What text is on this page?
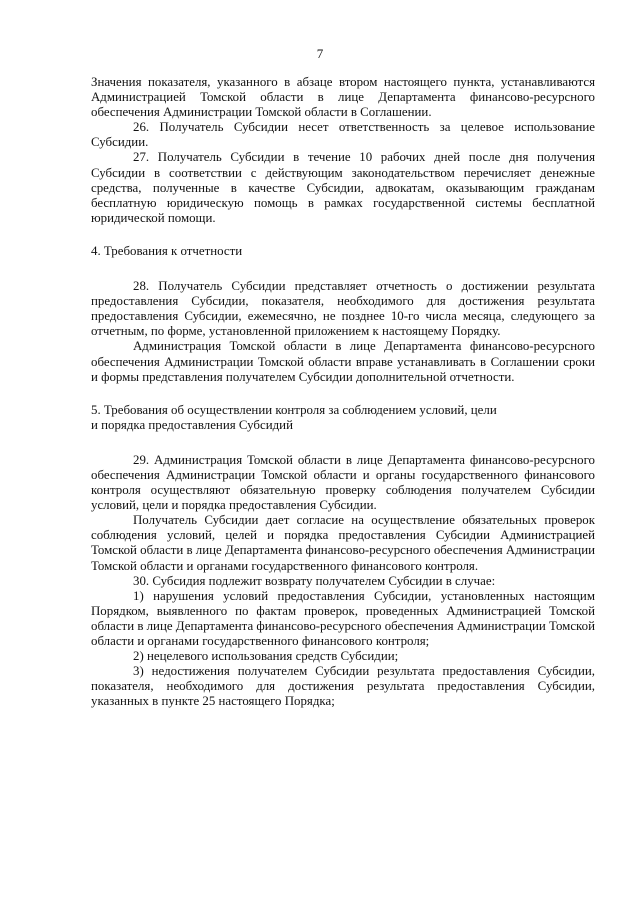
7

Значения показателя, указанного в абзаце втором настоящего пункта, устанавливаются Администрацией Томской области в лице Департамента финансово-ресурсного обеспечения Администрации Томской области в Соглашении.

26. Получатель Субсидии несет ответственность за целевое использование Субсидии.

27. Получатель Субсидии в течение 10 рабочих дней после дня получения Субсидии в соответствии с действующим законодательством перечисляет денежные средства, полученные в качестве Субсидии, адвокатам, оказывающим гражданам бесплатную юридическую помощь в рамках государственной системы бесплатной юридической помощи.

4. Требования к отчетности

28. Получатель Субсидии представляет отчетность о достижении результата предоставления Субсидии, показателя, необходимого для достижения результата предоставления Субсидии, ежемесячно, не позднее 10-го числа месяца, следующего за отчетным, по форме, установленной приложением к настоящему Порядку.

Администрация Томской области в лице Департамента финансово-ресурсного обеспечения Администрации Томской области вправе устанавливать в Соглашении сроки и формы представления получателем Субсидии дополнительной отчетности.

5. Требования об осуществлении контроля за соблюдением условий, цели

и порядка предоставления Субсидий

29. Администрация Томской области в лице Департамента финансово-ресурсного обеспечения Администрации Томской области и органы государственного финансового контроля осуществляют обязательную проверку соблюдения получателем Субсидии условий, цели и порядка предоставления Субсидии.

Получатель Субсидии дает согласие на осуществление обязательных проверок соблюдения условий, целей и порядка предоставления Субсидии Администрацией Томской области в лице Департамента финансово-ресурсного обеспечения Администрации Томской области и органами государственного финансового контроля.

30. Субсидия подлежит возврату получателем Субсидии в случае:

1) нарушения условий предоставления Субсидии, установленных настоящим Порядком, выявленного по фактам проверок, проведенных Администрацией Томской области в лице Департамента финансово-ресурсного обеспечения Администрации Томской области и органами государственного финансового контроля;

2) нецелевого использования средств Субсидии;

3) недостижения получателем Субсидии результата предоставления Субсидии, показателя, необходимого для достижения результата предоставления Субсидии, указанных в пункте 25 настоящего Порядка;
